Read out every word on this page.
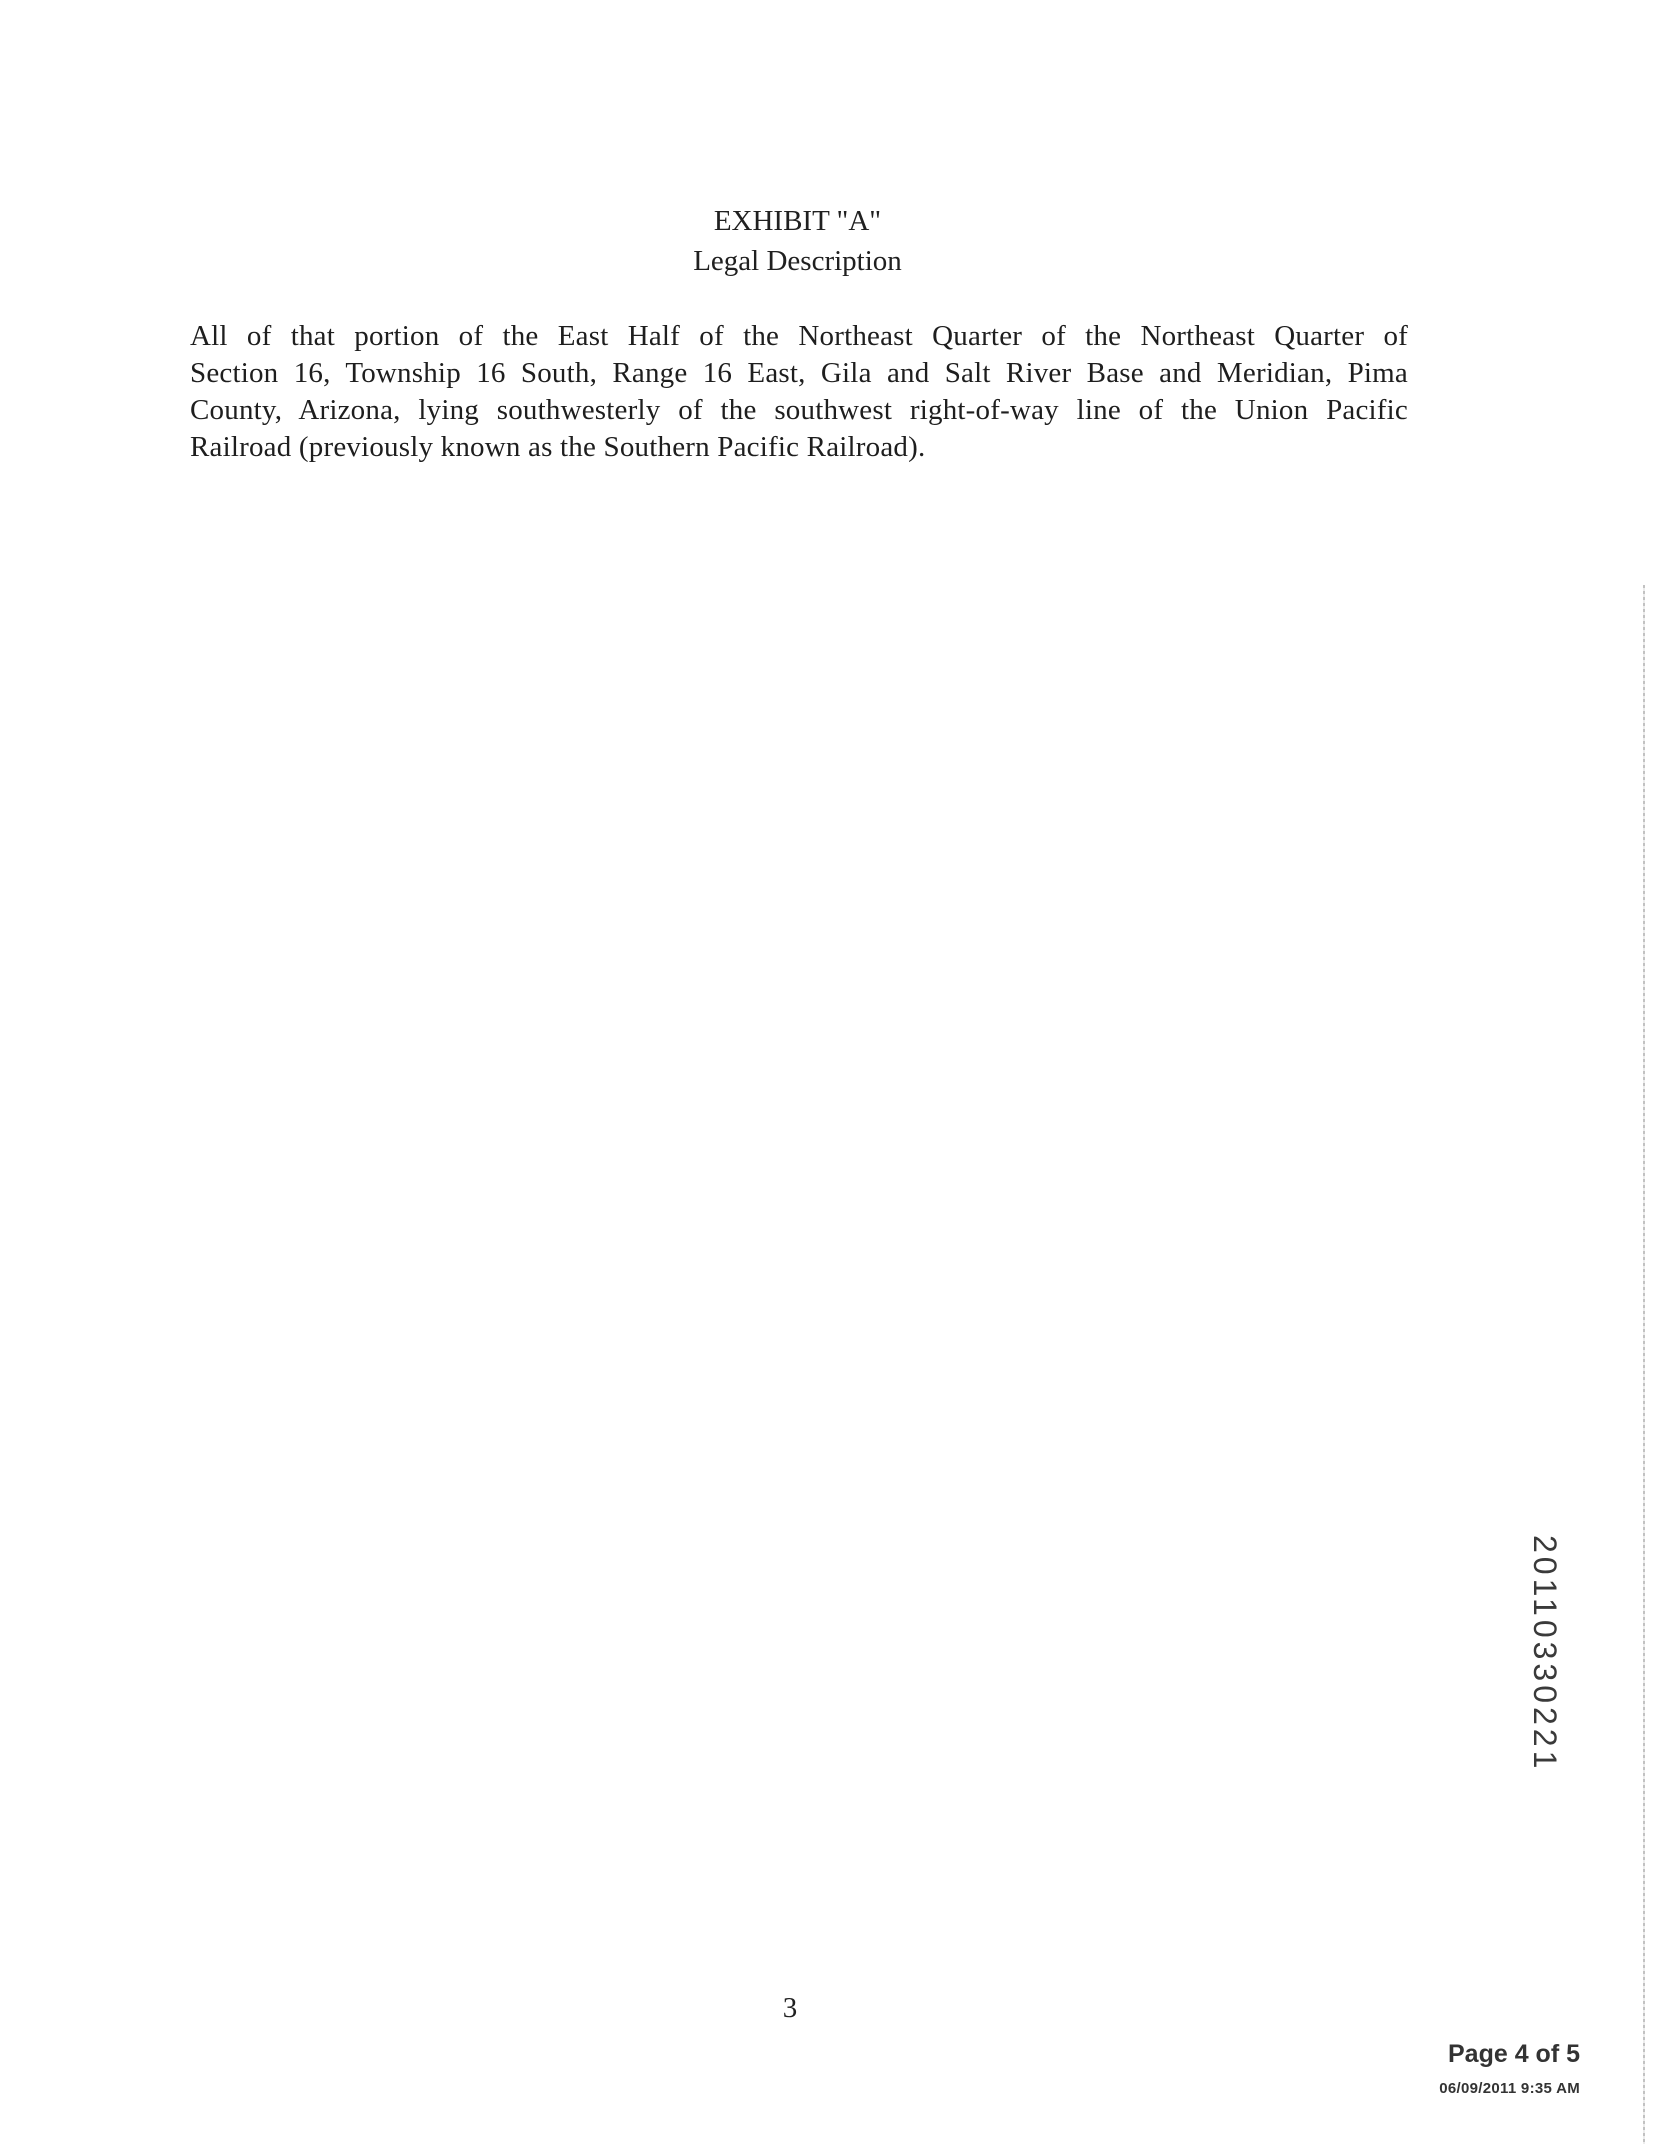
EXHIBIT "A"
Legal Description
All of that portion of the East Half of the Northeast Quarter of the Northeast Quarter of
Section 16, Township 16 South, Range 16 East, Gila and Salt River Base and Meridian, Pima
County, Arizona, lying southwesterly of the southwest right-of-way line of the Union Pacific
Railroad (previously known as the Southern Pacific Railroad).
20110330221
3
Page 4 of 5
06/09/2011 9:35 AM
